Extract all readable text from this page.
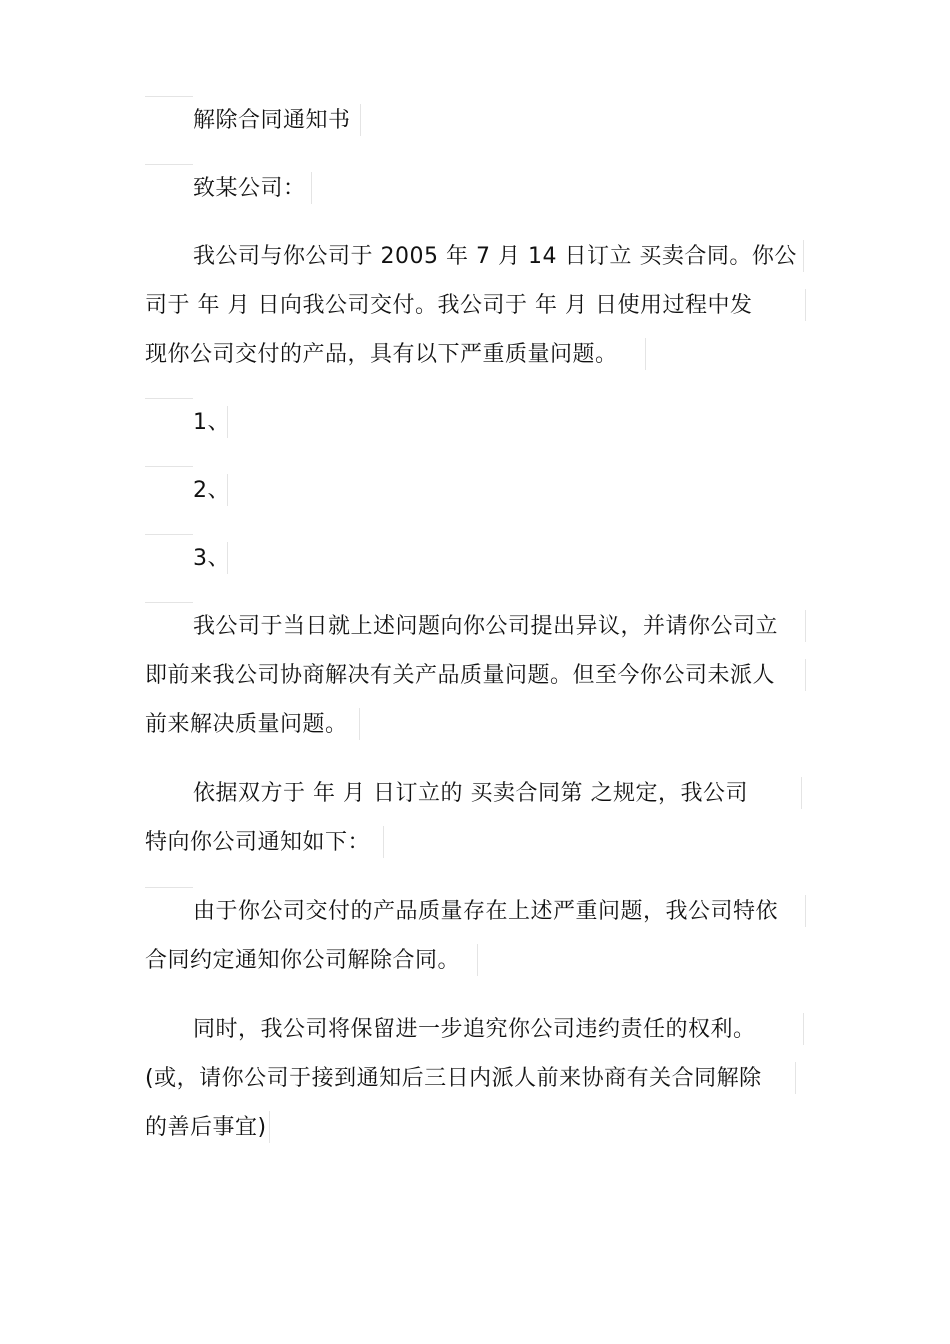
解除合同通知书
致某公司：
我公司与你公司于 2005 年 7 月 14 日订立 买卖合同。你公
司于 年 月 日向我公司交付。我公司于 年 月 日使用过程中发
现你公司交付的产品，具有以下严重质量问题。
1、
2、
3、
我公司于当日就上述问题向你公司提出异议，并请你公司立
即前来我公司协商解决有关产品质量问题。但至今你公司未派人
前来解决质量问题。
依据双方于 年 月 日订立的 买卖合同第 之规定，我公司
特向你公司通知如下：
由于你公司交付的产品质量存在上述严重问题，我公司特依
合同约定通知你公司解除合同。
同时，我公司将保留进一步追究你公司违约责任的权利。
(或，请你公司于接到通知后三日内派人前来协商有关合同解除
的善后事宜)
